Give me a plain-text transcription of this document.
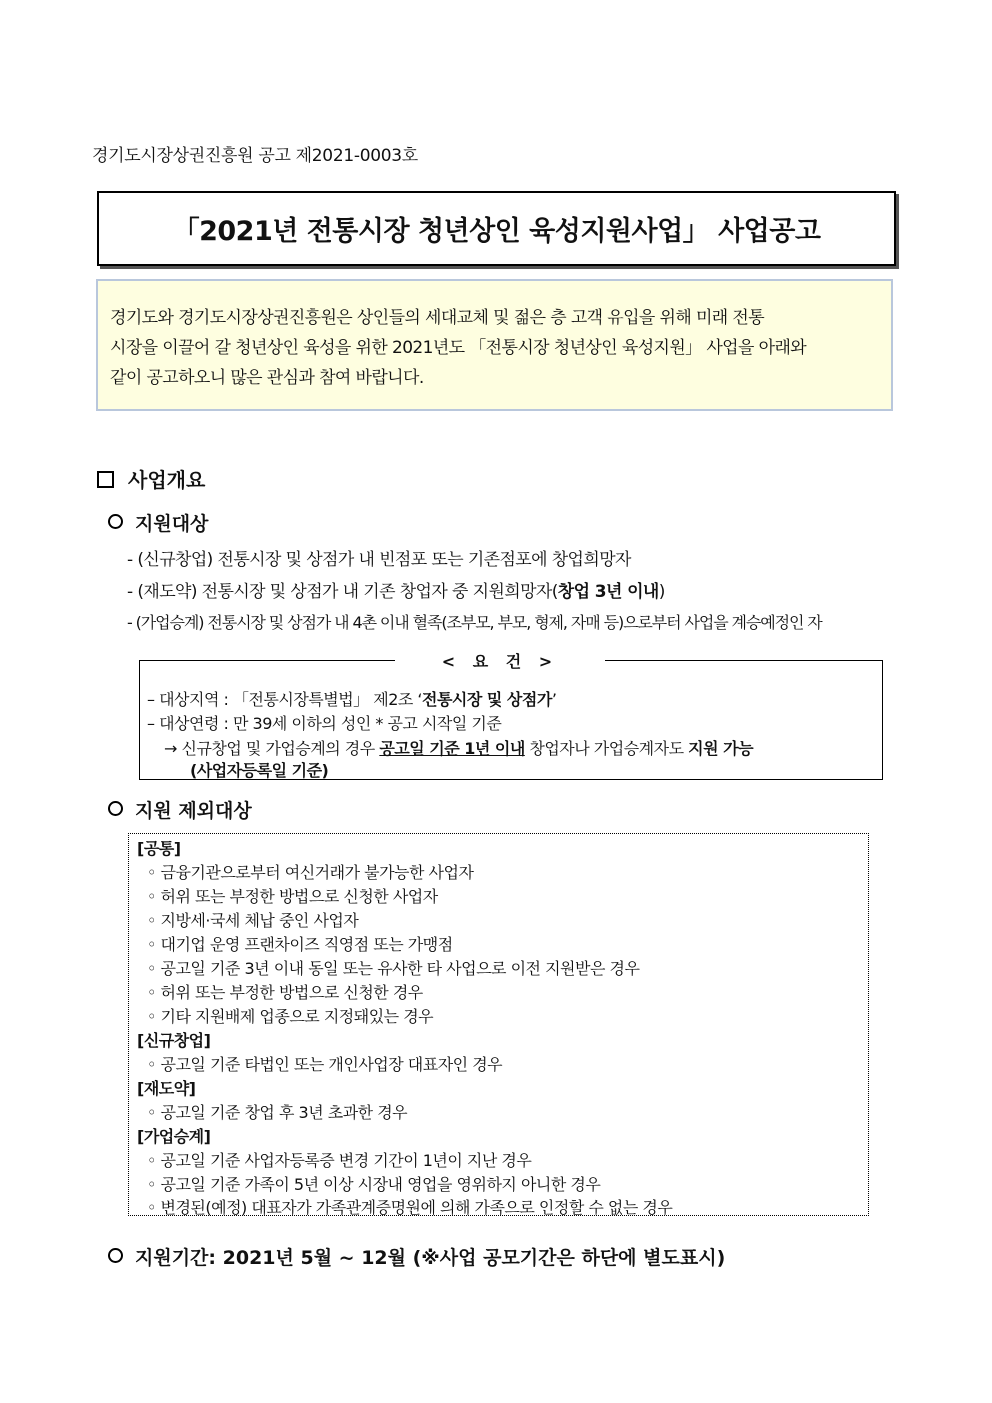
경기도시장상권진흥원 공고 제2021-0003호
「2021년 전통시장 청년상인 육성지원사업」 사업공고
경기도와 경기도시장상권진흥원은 상인들의 세대교체 및 젊은 층 고객 유입을 위해 미래 전통
시장을 이끌어 갈 청년상인 육성을 위한 2021년도 「전통시장 청년상인 육성지원」 사업을 아래와
같이 공고하오니 많은 관심과 참여 바랍니다.
사업개요
지원대상
- (신규창업) 전통시장 및 상점가 내 빈점포 또는 기존점포에 창업희망자
- (재도약) 전통시장 및 상점가 내 기존 창업자 중 지원희망자(창업 3년 이내)
- (가업승계) 전통시장 및 상점가 내 4촌 이내 혈족(조부모, 부모, 형제, 자매 등)으로부터 사업을 계승예정인 자
< 요 건 >
– 대상지역 : 「전통시장특별법」 제2조 ‘전통시장 및 상점가’
– 대상연령 : 만 39세 이하의 성인 * 공고 시작일 기준
→ 신규창업 및 가업승계의 경우 공고일 기준 1년 이내 창업자나 가업승계자도 지원 가능
(사업자등록일 기준)
지원 제외대상
[공통]
◦ 금융기관으로부터 여신거래가 불가능한 사업자
◦ 허위 또는 부정한 방법으로 신청한 사업자
◦ 지방세·국세 체납 중인 사업자
◦ 대기업 운영 프랜차이즈 직영점 또는 가맹점
◦ 공고일 기준 3년 이내 동일 또는 유사한 타 사업으로 이전 지원받은 경우
◦ 허위 또는 부정한 방법으로 신청한 경우
◦ 기타 지원배제 업종으로 지정돼있는 경우
[신규창업]
◦ 공고일 기준 타법인 또는 개인사업장 대표자인 경우
[재도약]
◦ 공고일 기준 창업 후 3년 초과한 경우
[가업승계]
◦ 공고일 기준 사업자등록증 변경 기간이 1년이 지난 경우
◦ 공고일 기준 가족이 5년 이상 시장내 영업을 영위하지 아니한 경우
◦ 변경된(예정) 대표자가 가족관계증명원에 의해 가족으로 인정할 수 없는 경우
지원기간: 2021년 5월 ~ 12월 (※사업 공모기간은 하단에 별도표시)
